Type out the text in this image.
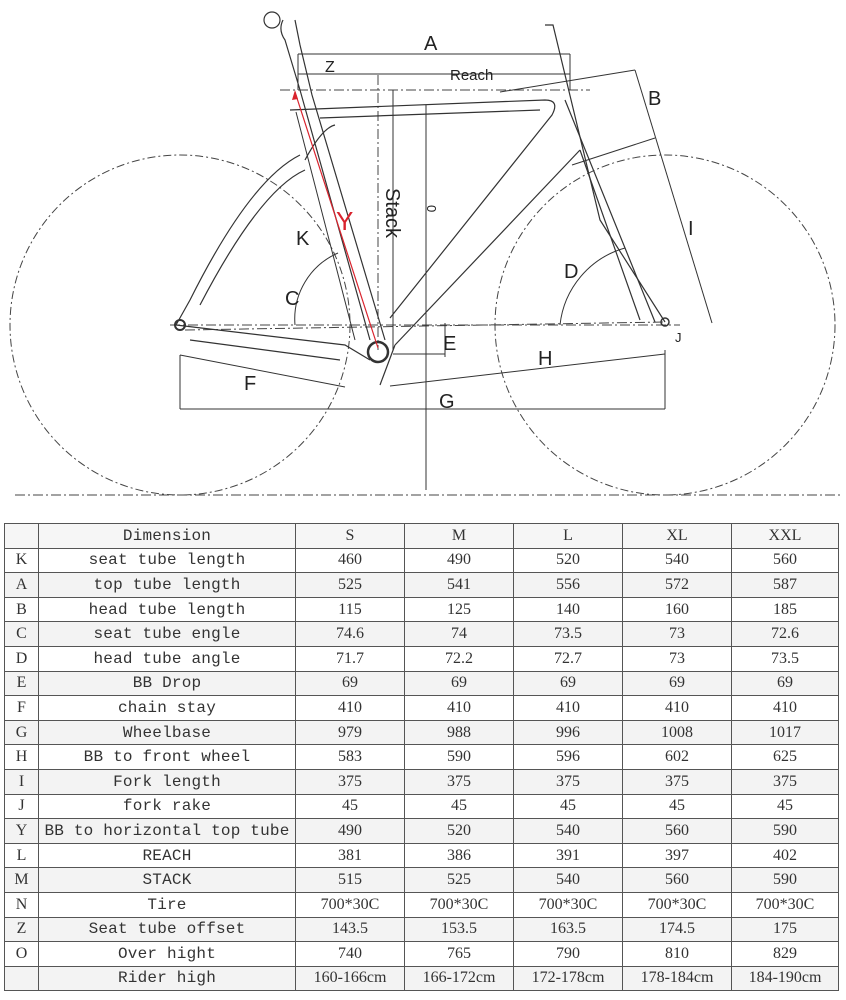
A
Z	Reach
B
Stack 0
Y
K	I
C
D
E	J
H
F
G
	Dimension	S	M	L	XL	XXL
K	seat tube length	460	490	520	540	560
A	top tube length	525	541	556	572	587
B	head tube length	115	125	140	160	185
C	seat tube engle	74.6	74	73.5	73	72.6
D	head tube angle	71.7	72.2	72.7	73	73.5
E	BB Drop	69	69	69	69	69
F	chain stay	410	410	410	410	410
G	Wheelbase	979	988	996	1008	1017
H	BB to front wheel	583	590	596	602	625
I	Fork length	375	375	375	375	375
J	fork rake	45	45	45	45	45
Y	BB to horizontal top tube	490	520	540	560	590
L	REACH	381	386	391	397	402
M	STACK	515	525	540	560	590
N	Tire	700*30C	700*30C	700*30C	700*30C	700*30C
Z	Seat tube offset	143.5	153.5	163.5	174.5	175
O	Over hight	740	765	790	810	829
	Rider high	160-166cm	166-172cm	172-178cm	178-184cm	184-190cm
